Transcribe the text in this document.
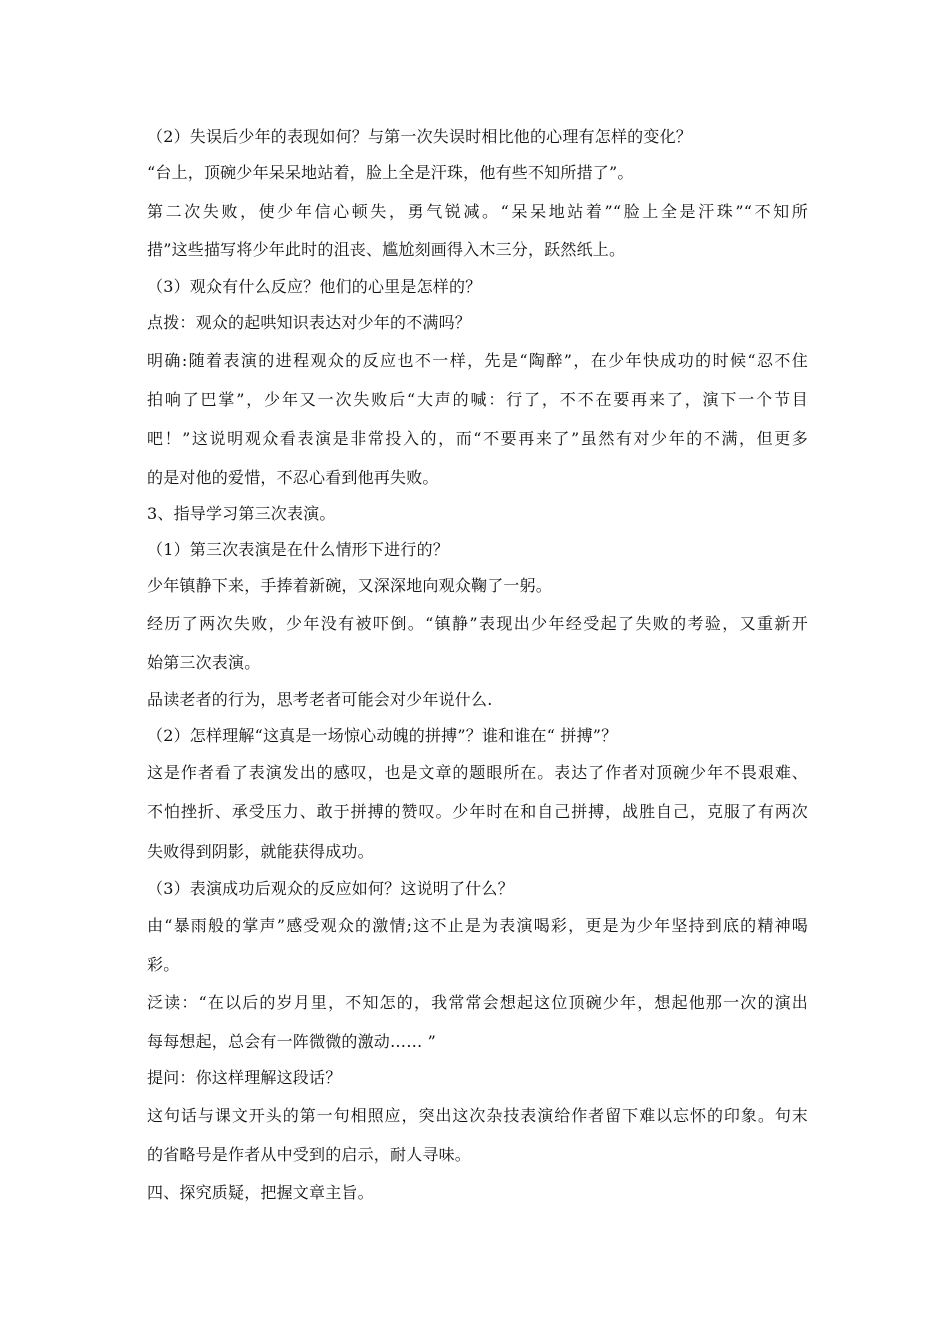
（2）失误后少年的表现如何？与第一次失误时相比他的心理有怎样的变化？
“台上，顶碗少年呆呆地站着，脸上全是汗珠，他有些不知所措了”。
第二次失败，使少年信心顿失，勇气锐减。“呆呆地站着”“脸上全是汗珠”“不知所
措”这些描写将少年此时的沮丧、尴尬刻画得入木三分，跃然纸上。
（3）观众有什么反应？他们的心里是怎样的？
点拨：观众的起哄知识表达对少年的不满吗？
明确:随着表演的进程观众的反应也不一样，先是“陶醉”，在少年快成功的时候“忍不住
拍响了巴掌”，少年又一次失败后“大声的喊：行了，不不在要再来了，演下一个节目
吧！”这说明观众看表演是非常投入的，而“不要再来了”虽然有对少年的不满，但更多
的是对他的爱惜，不忍心看到他再失败。
3、指导学习第三次表演。
（1）第三次表演是在什么情形下进行的？
少年镇静下来，手捧着新碗，又深深地向观众鞠了一躬。
经历了两次失败，少年没有被吓倒。“镇静”表现出少年经受起了失败的考验，又重新开
始第三次表演。
品读老者的行为，思考老者可能会对少年说什么.
（2）怎样理解“这真是一场惊心动魄的拼搏”？谁和谁在“ 拼搏”？
这是作者看了表演发出的感叹，也是文章的题眼所在。表达了作者对顶碗少年不畏艰难、
不怕挫折、承受压力、敢于拼搏的赞叹。少年时在和自己拼搏，战胜自己，克服了有两次
失败得到阴影，就能获得成功。
（3）表演成功后观众的反应如何？这说明了什么？
由“暴雨般的掌声”感受观众的激情;这不止是为表演喝彩，更是为少年坚持到底的精神喝
彩。
泛读：“在以后的岁月里，不知怎的，我常常会想起这位顶碗少年，想起他那一次的演出
每每想起，总会有一阵微微的激动…… ”
提问：你这样理解这段话？
这句话与课文开头的第一句相照应，突出这次杂技表演给作者留下难以忘怀的印象。句末
的省略号是作者从中受到的启示，耐人寻味。
四、探究质疑，把握文章主旨。
